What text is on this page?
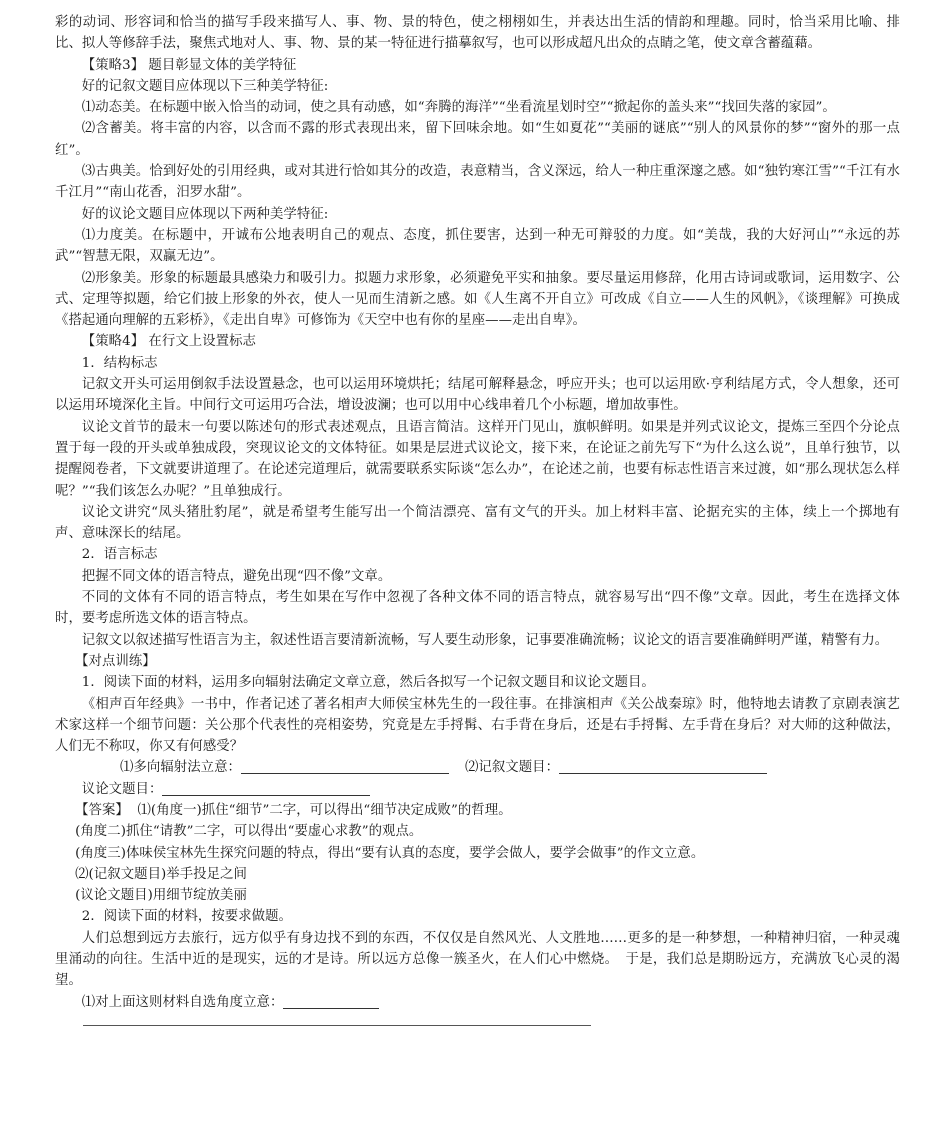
彩的动词、形容词和恰当的描写手段来描写人、事、物、景的特色，使之栩栩如生，并表达出生活的情韵和理趣。同时，恰当采用比喻、排比、拟人等修辞手法，聚焦式地对人、事、物、景的某一特征进行描摹叙写，也可以形成超凡出众的点睛之笔，使文章含蓄蕴藉。

【策略3】 题目彰显文体的美学特征

好的记叙文题目应体现以下三种美学特征:

⑴动态美。在标题中嵌入恰当的动词，使之具有动感，如“奔腾的海洋”“坐看流星划时空”“掀起你的盖头来”“找回失落的家园”。

⑵含蓄美。将丰富的内容，以含而不露的形式表现出来，留下回味余地。如“生如夏花”“美丽的谜底”“别人的风景你的梦”“窗外的那一点红”。

⑶古典美。恰到好处的引用经典，或对其进行恰如其分的改造，表意精当，含义深远，给人一种庄重深邃之感。如“独钓寒江雪”“千江有水千江月”“南山花香，汨罗水甜”。

好的议论文题目应体现以下两种美学特征:

⑴力度美。在标题中，开诚布公地表明自己的观点、态度，抓住要害，达到一种无可辩驳的力度。如“美哉，我的大好河山”“永远的苏武”“智慧无限，双赢无边”。

⑵形象美。形象的标题最具感染力和吸引力。拟题力求形象，必须避免平实和抽象。要尽量运用修辞，化用古诗词或歌词，运用数字、公式、定理等拟题，给它们披上形象的外衣，使人一见而生清新之感。如《人生离不开自立》可改成《自立——人生的风帆》，《谈理解》可换成《搭起通向理解的五彩桥》，《走出自卑》可修饰为《天空中也有你的星座——走出自卑》。

【策略4】 在行文上设置标志

1．结构标志

记叙文开头可运用倒叙手法设置悬念，也可以运用环境烘托；结尾可解释悬念，呼应开头；也可以运用欧·亨利结尾方式，令人想象，还可以运用环境深化主旨。中间行文可运用巧合法，增设波澜；也可以用中心线串着几个小标题，增加故事性。

议论文首节的最末一句要以陈述句的形式表述观点，且语言简洁。这样开门见山，旗帜鲜明。如果是并列式议论文，提炼三至四个分论点置于每一段的开头或单独成段，突现议论文的文体特征。如果是层进式议论文，接下来，在论证之前先写下“为什么这么说”，且单行独节，以提醒阅卷者，下文就要讲道理了。在论述完道理后，就需要联系实际谈“怎么办”，在论述之前，也要有标志性语言来过渡，如“那么现状怎么样呢？”“我们该怎么办呢？”且单独成行。

议论文讲究“凤头猪肚豹尾”，就是希望考生能写出一个简洁漂亮、富有文气的开头。加上材料丰富、论据充实的主体，续上一个掷地有声、意味深长的结尾。

2．语言标志

把握不同文体的语言特点，避免出现“四不像”文章。

不同的文体有不同的语言特点，考生如果在写作中忽视了各种文体不同的语言特点，就容易写出“四不像”文章。因此，考生在选择文体时，要考虑所选文体的语言特点。

记叙文以叙述描写性语言为主，叙述性语言要清新流畅，写人要生动形象，记事要准确流畅；议论文的语言要准确鲜明严谨，精警有力。

【对点训练】

1．阅读下面的材料，运用多向辐射法确定文章立意，然后各拟写一个记叙文题目和议论文题目。

《相声百年经典》一书中，作者记述了著名相声大师侯宝林先生的一段往事。在排演相声《关公战秦琼》时，他特地去请教了京剧表演艺术家这样一个细节问题：关公那个代表性的亮相姿势，究竟是左手捋髯、右手背在身后，还是右手捋髯、左手背在身后？对大师的这种做法，人们无不称叹，你又有何感受？

⑴多向辐射法立意：	⑵记叙文题目：

议论文题目：

【答案】 ⑴(角度一)抓住“细节”二字，可以得出“细节决定成败”的哲理。

(角度二)抓住“请教”二字，可以得出“要虚心求教”的观点。

(角度三)体味侯宝林先生探究问题的特点，得出“要有认真的态度，要学会做人，要学会做事”的作文立意。

⑵(记叙文题目)举手投足之间

(议论文题目)用细节绽放美丽

2．阅读下面的材料，按要求做题。

人们总想到远方去旅行，远方似乎有身边找不到的东西，不仅仅是自然风光、人文胜地……更多的是一种梦想，一种精神归宿，一种灵魂里涌动的向往。生活中近的是现实，远的才是诗。所以远方总像一簇圣火，在人们心中燃烧。　于是，我们总是期盼远方，充满放飞心灵的渴望。

⑴对上面这则材料自选角度立意：
